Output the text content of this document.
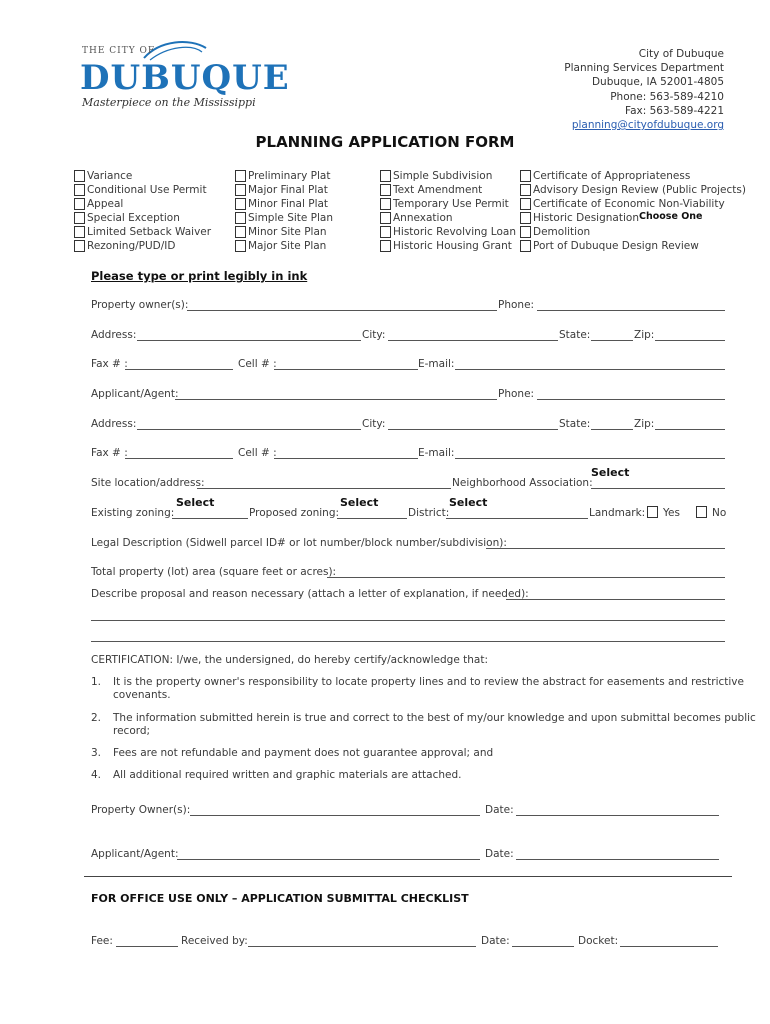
THE CITY OF
DUBUQUE
Masterpiece on the Mississippi
City of Dubuque
Planning Services Department
Dubuque, IA 52001-4805
Phone: 563-589-4210
Fax: 563-589-4221
planning@cityofdubuque.org
PLANNING APPLICATION FORM
Variance
Conditional Use Permit
Appeal
Special Exception
Limited Setback Waiver
Rezoning/PUD/ID
Preliminary Plat
Major Final Plat
Minor Final Plat
Simple Site Plan
Minor Site Plan
Major Site Plan
Simple Subdivision
Text Amendment
Temporary Use Permit
Annexation
Historic Revolving Loan
Historic Housing Grant
Certificate of Appropriateness
Advisory Design Review (Public Projects)
Certificate of Economic Non-Viability
Historic Designation Choose One
Demolition
Port of Dubuque Design Review
Please type or print legibly in ink
Property owner(s):	Phone:
Address:	City:	State:	Zip:
Fax # :	Cell # :	E-mail:
Applicant/Agent:	Phone:
Address:	City:	State:	Zip:
Fax # :	Cell # :	E-mail:
Site location/address:	Neighborhood Association:
Select
Select	Select	Select
Existing zoning:	Proposed zoning:	District:	Landmark: Yes	No
Legal Description (Sidwell parcel ID# or lot number/block number/subdivision):
Total property (lot) area (square feet or acres):
Describe proposal and reason necessary (attach a letter of explanation, if needed):
CERTIFICATION: I/we, the undersigned, do hereby certify/acknowledge that:
1. It is the property owner's responsibility to locate property lines and to review the abstract for easements and restrictive
covenants.
2. The information submitted herein is true and correct to the best of my/our knowledge and upon submittal becomes public
record;
3. Fees are not refundable and payment does not guarantee approval; and
4. All additional required written and graphic materials are attached.
Property Owner(s):	Date:
Applicant/Agent:	Date:
FOR OFFICE USE ONLY – APPLICATION SUBMITTAL CHECKLIST
Fee:	Received by:	Date:	Docket:
